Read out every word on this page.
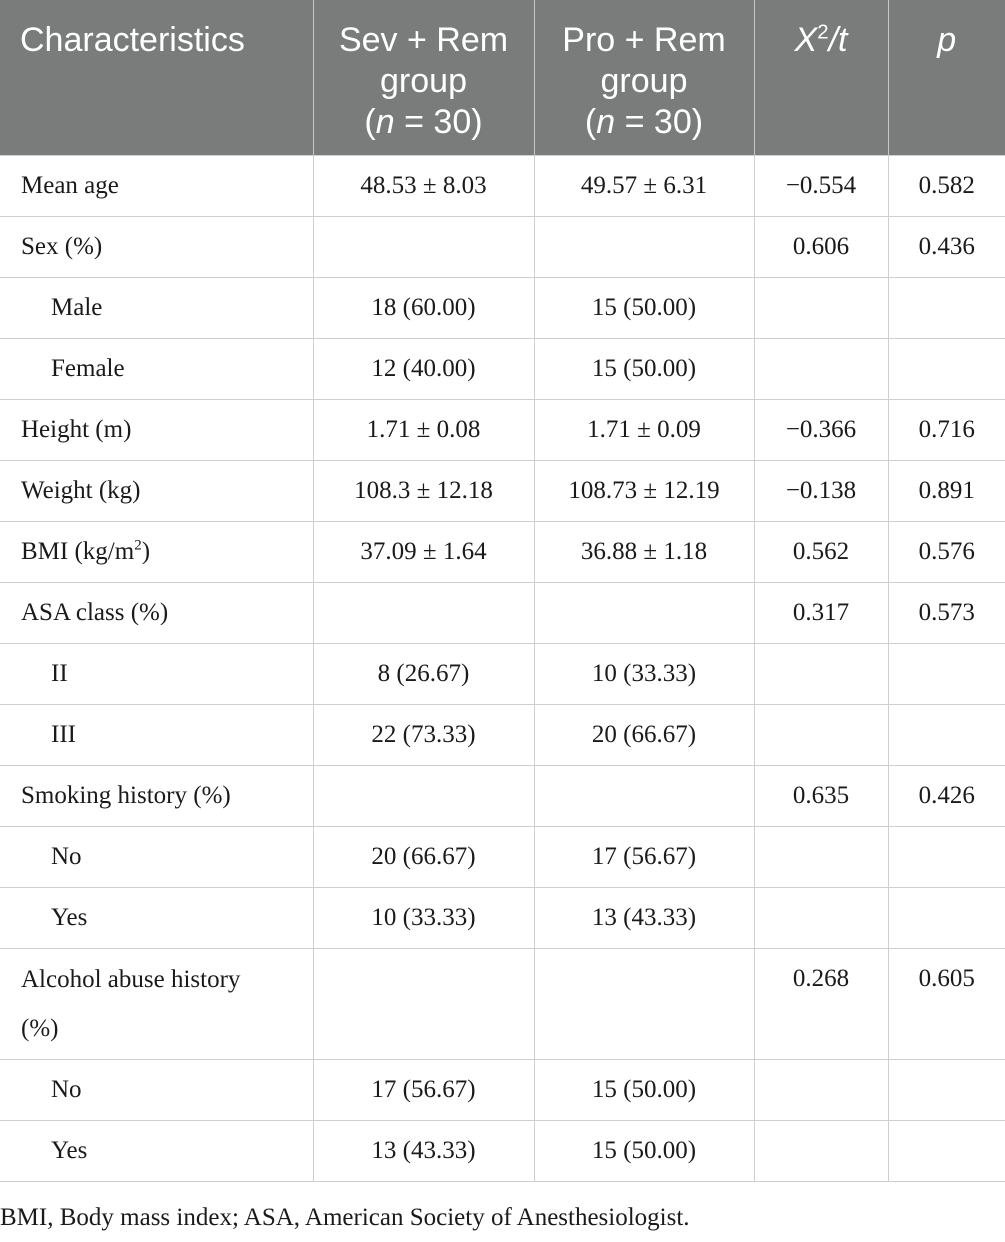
Characteristics	Sev + Rem
group
(n = 30)	Pro + Rem
group
(n = 30)	$X^2/t$	p

Mean age	48.53 ± 8.03	49.57 ± 6.31	−0.554	0.582
Sex (%)			0.606	0.436
Male	18 (60.00)	15 (50.00)		
Female	12 (40.00)	15 (50.00)		
Height (m)	1.71 ± 0.08	1.71 ± 0.09	−0.366	0.716
Weight (kg)	108.3 ± 12.18	108.73 ± 12.19	−0.138	0.891
BMI $(kg/m^2)$	37.09 ± 1.64	36.88 ± 1.18	0.562	0.576
ASA class (%)			0.317	0.573
II	8 (26.67)	10 (33.33)		
III	22 (73.33)	20 (66.67)		
Smoking history (%)			0.635	0.426
No	20 (66.67)	17 (56.67)		
Yes	10 (33.33)	13 (43.33)		
Alcohol abuse history
(%)			0.268	0.605
No	17 (56.67)	15 (50.00)		
Yes	13 (43.33)	15 (50.00)		
BMI, Body mass index; ASA, American Society of Anesthesiologist.
